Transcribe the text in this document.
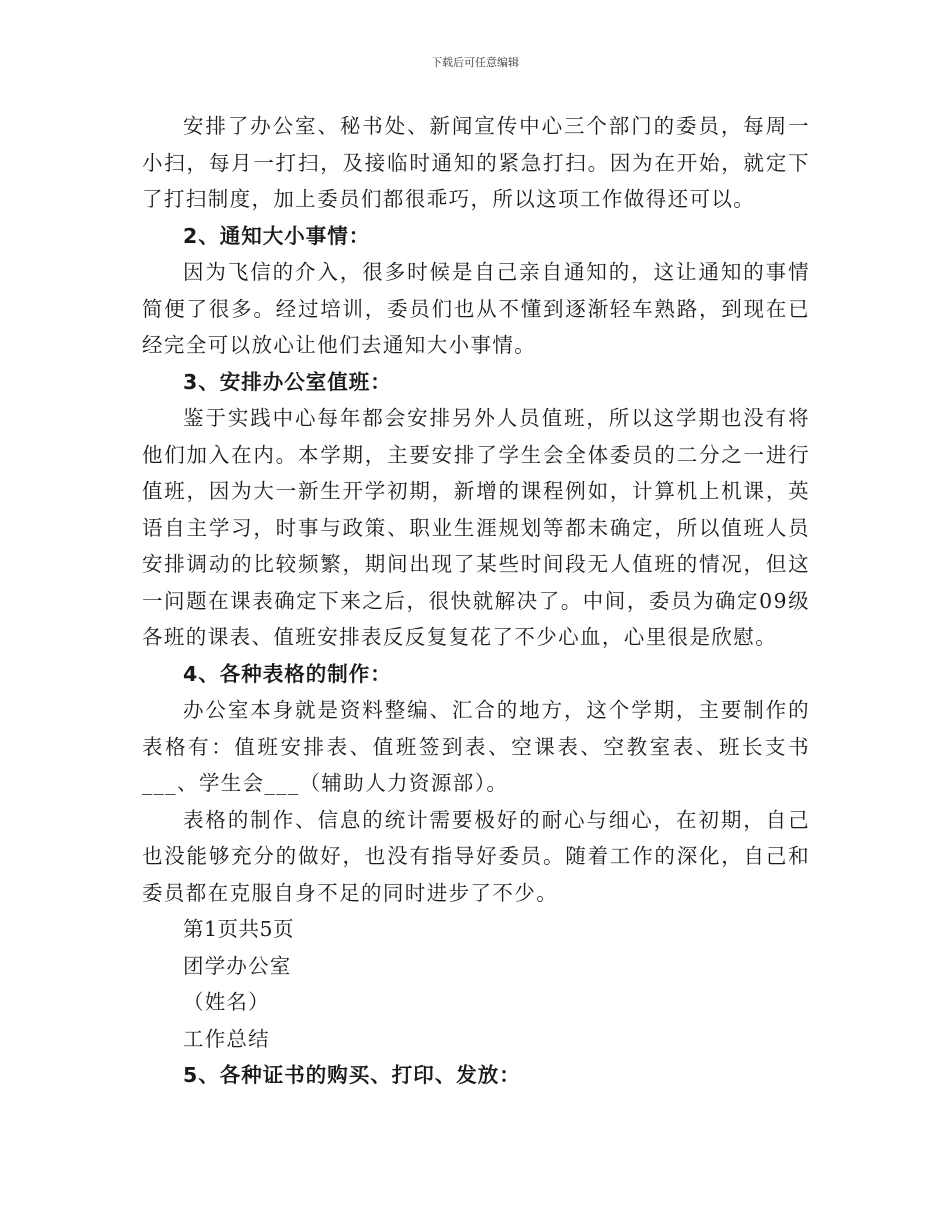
下载后可任意编辑

安排了办公室、秘书处、新闻宣传中心三个部门的委员，每周一小扫，每月一打扫，及接临时通知的紧急打扫。因为在开始，就定下了打扫制度，加上委员们都很乖巧，所以这项工作做得还可以。

2、通知大小事情：

因为飞信的介入，很多时候是自己亲自通知的，这让通知的事情简便了很多。经过培训，委员们也从不懂到逐渐轻车熟路，到现在已经完全可以放心让他们去通知大小事情。

3、安排办公室值班：

鉴于实践中心每年都会安排另外人员值班，所以这学期也没有将他们加入在内。本学期，主要安排了学生会全体委员的二分之一进行值班，因为大一新生开学初期，新增的课程例如，计算机上机课，英语自主学习，时事与政策、职业生涯规划等都未确定，所以值班人员安排调动的比较频繁，期间出现了某些时间段无人值班的情况，但这一问题在课表确定下来之后，很快就解决了。中间，委员为确定09级各班的课表、值班安排表反反复复花了不少心血，心里很是欣慰。

4、各种表格的制作：

办公室本身就是资料整编、汇合的地方，这个学期，主要制作的表格有：值班安排表、值班签到表、空课表、空教室表、班长支书___、学生会___（辅助人力资源部）。

表格的制作、信息的统计需要极好的耐心与细心，在初期，自己也没能够充分的做好，也没有指导好委员。随着工作的深化，自己和委员都在克服自身不足的同时进步了不少。

第1页共5页

团学办公室

（姓名）

工作总结

5、各种证书的购买、打印、发放：
